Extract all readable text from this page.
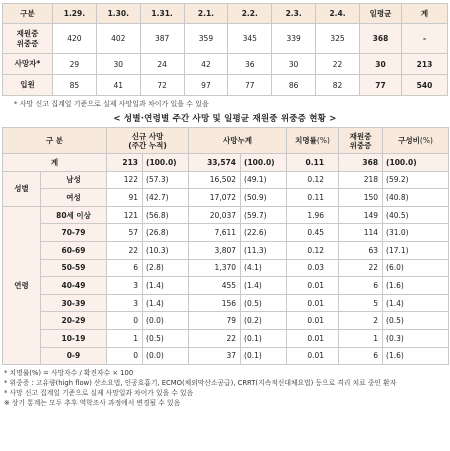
구분	1.29.	1.30.	1.31.	2.1.	2.2.	2.3.	2.4.	일평균	계
재원중
위중증	420	402	387	359	345	339	325	368	-
사망자*	29	30	24	42	36	30	22	30	213
입원	85	41	72	97	77	86	82	77	540
* 사망 신고 집계일 기준으로 실제 사망일과 차이가 있을 수 있음
< 성별·연령별 주간 사망 및 일평균 재원중 위중증 현황 >
구 분		신규 사망
(주간 누적)		사망누계		치명률(%)	재원중
위중증	구성비(%)
계		213	(100.0)	33,574	(100.0)	0.11	368	(100.0)
성별	남성	122	(57.3)	16,502	(49.1)	0.12	218	(59.2)
	여성	91	(42.7)	17,072	(50.9)	0.11	150	(40.8)
연령	80세 이상	121	(56.8)	20,037	(59.7)	1.96	149	(40.5)
	70-79	57	(26.8)	7,611	(22.6)	0.45	114	(31.0)
	60-69	22	(10.3)	3,807	(11.3)	0.12	63	(17.1)
	50-59	6	(2.8)	1,370	(4.1)	0.03	22	(6.0)
	40-49	3	(1.4)	455	(1.4)	0.01	6	(1.6)
	30-39	3	(1.4)	156	(0.5)	0.01	5	(1.4)
	20-29	0	(0.0)	79	(0.2)	0.01	2	(0.5)
	10-19	1	(0.5)	22	(0.1)	0.01	1	(0.3)
	0-9	0	(0.0)	37	(0.1)	0.01	6	(1.6)
* 치명률(%) = 사망자수 / 확진자수 × 100
* 위중증 : 고유량(high flow) 산소요법, 인공호흡기, ECMO(체외막산소공급), CRRT(지속적신대체요법) 등으로 격리 치료 중인 환자
* 사망 신고 집계일 기준으로 실제 사망일과 차이가 있을 수 있음
※ 상기 통계는 모두 추후 역학조사 과정에서 변경될 수 있음
